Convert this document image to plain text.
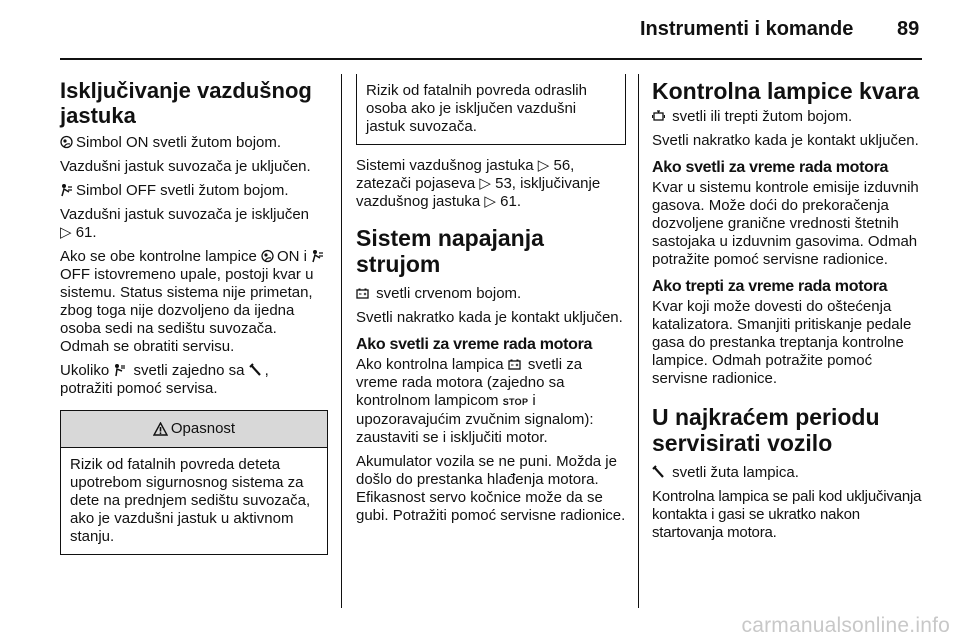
Instrumenti i komande 89
Isključivanje vazdušnog jastuka

Simbol ON svetli žutom bojom.

Vazdušni jastuk suvozača je uključen.

Simbol OFF svetli žutom bojom.

Vazdušni jastuk suvozača je isključen
▷ 61.

Ako se obe kontrolne lampice
ON i
OFF istovremeno upale, postoji kvar u sistemu. Status sistema nije primetan, zbog toga nije dozvoljeno da ijedna osoba sedi na sedištu suvozača. Odmah se obratiti servisu.

Ukoliko
svetli zajedno sa
,
potražiti pomoć servisa.

Opasnost
Rizik od fatalnih povreda deteta upotrebom sigurnosnog sistema za dete na prednjem sedištu suvozača, ako je vazdušni jastuk u aktivnom stanju.
Rizik od fatalnih povreda odraslih osoba ako je isključen vazdušni jastuk suvozača.

Sistemi vazdušnog jastuka ▷ 56,
zatezači pojaseva ▷ 53, isključivanje
vazdušnog jastuka ▷ 61.

Sistem napajanja strujom

svetli crvenom bojom.

Svetli nakratko kada je kontakt uključen.

Ako svetli za vreme rada motora

Ako kontrolna lampica
svetli za vreme rada motora (zajedno sa kontrolnom lampicom STOP i upozoravajućim zvučnim signalom): zaustaviti se i isključiti motor.

Akumulator vozila se ne puni. Možda je došlo do prestanka hlađenja motora. Efikasnost servo kočnice može da se gubi. Potražiti pomoć servisne radionice.

Kontrolna lampice kvara

svetli ili trepti žutom bojom.

Svetli nakratko kada je kontakt uključen.

Ako svetli za vreme rada motora

Kvar u sistemu kontrole emisije izduvnih gasova. Može doći do prekoračenja dozvoljene granične vrednosti štetnih sastojaka u izduvnim gasovima. Odmah potražite pomoć servisne radionice.

Ako trepti za vreme rada motora

Kvar koji može dovesti do oštećenja katalizatora. Smanjiti pritiskanje pedale gasa do prestanka treptanja kontrolne lampice. Odmah potražite pomoć servisne radionice.

U najkraćem periodu servisirati vozilo

svetli žuta lampica.

Kontrolna lampica se pali kod uključivanja kontakta i gasi se ukratko nakon startovanja motora.

carmanualsonline.info
